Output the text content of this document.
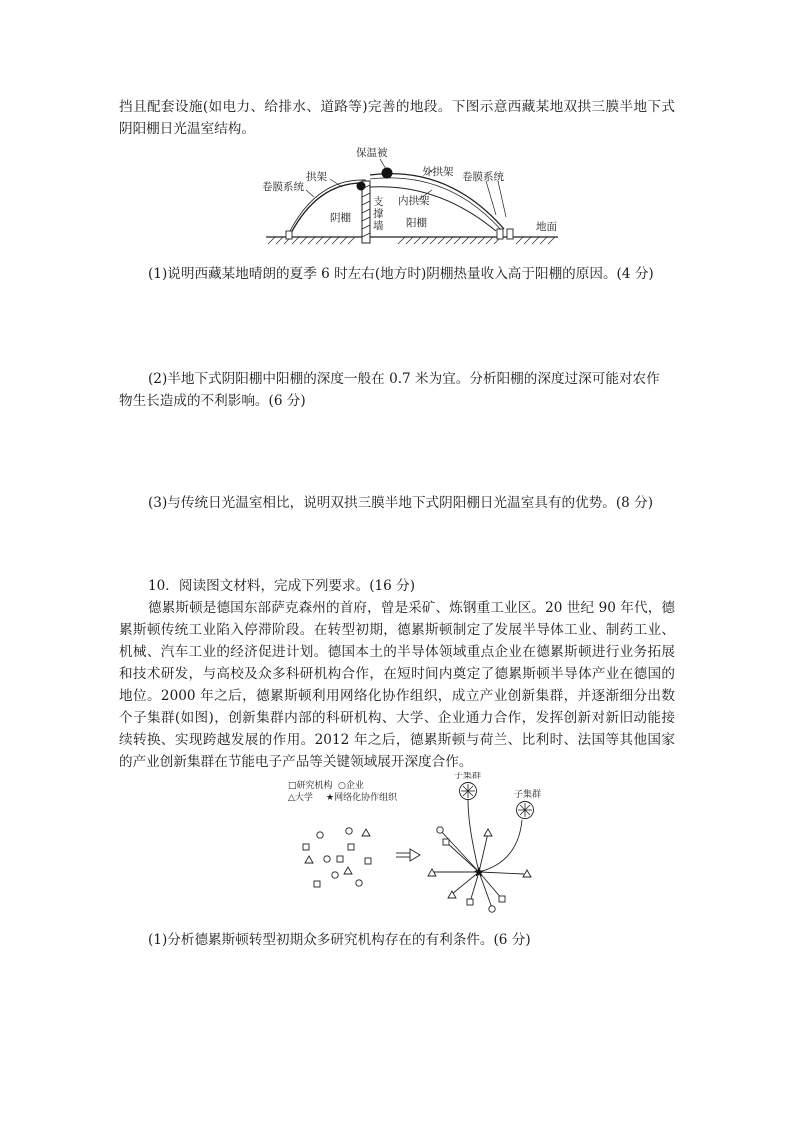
挡且配套设施(如电力、给排水、道路等)完善的地段。下图示意西藏某地双拱三膜半地下式
阴阳棚日光温室结构。
保温被
拱架
卷膜系统
外拱架 卷膜系统
内拱架
阴棚	阳棚
支
撑
墙	地面
(1)说明西藏某地晴朗的夏季 6 时左右(地方时)阴棚热量收入高于阳棚的原因。(4 分)
(2)半地下式阴阳棚中阳棚的深度一般在 0.7 米为宜。分析阳棚的深度过深可能对农作
物生长造成的不利影响。(6 分)
(3)与传统日光温室相比，说明双拱三膜半地下式阴阳棚日光温室具有的优势。(8 分)
10．阅读图文材料，完成下列要求。(16 分)
德累斯顿是德国东部萨克森州的首府，曾是采矿、炼钢重工业区。20 世纪 90 年代，德
累斯顿传统工业陷入停滞阶段。在转型初期，德累斯顿制定了发展半导体工业、制药工业、
机械、汽车工业的经济促进计划。德国本土的半导体领域重点企业在德累斯顿进行业务拓展
和技术研发，与高校及众多科研机构合作，在短时间内奠定了德累斯顿半导体产业在德国的
地位。2000 年之后，德累斯顿利用网络化协作组织，成立产业创新集群，并逐渐细分出数
个子集群(如图)，创新集群内部的科研机构、大学、企业通力合作，发挥创新对新旧动能接
续转换、实现跨越发展的作用。2012 年之后，德累斯顿与荷兰、比利时、法国等其他国家
的产业创新集群在节能电子产品等关键领域展开深度合作。
□研究机构 ○企业
△大学 ★网络化协作组织
子集群
子集群
(1)分析德累斯顿转型初期众多研究机构存在的有利条件。(6 分)
